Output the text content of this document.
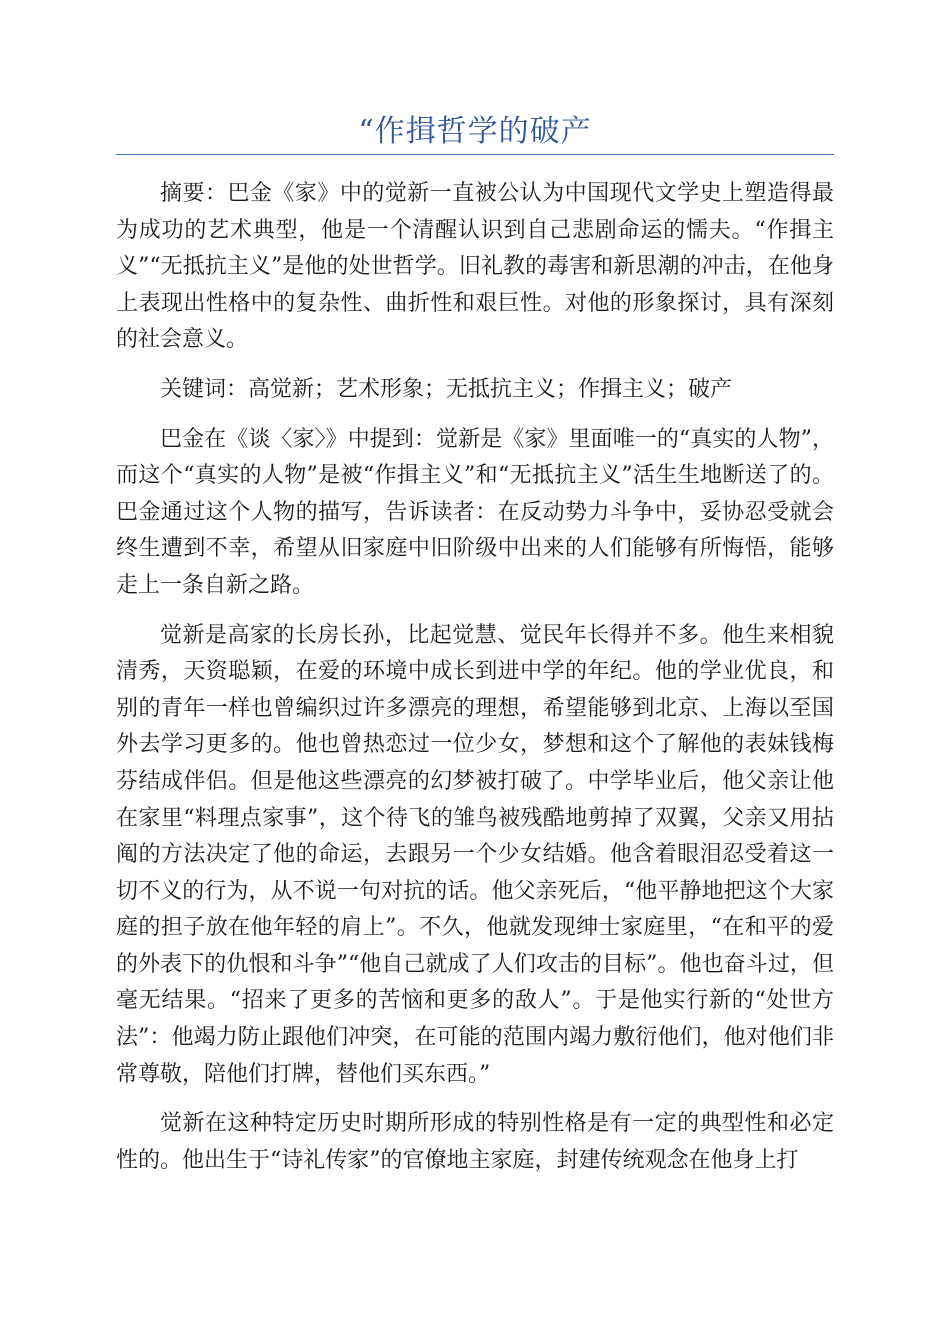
“作揖哲学的破产

摘要：巴金《家》中的觉新一直被公认为中国现代文学史上塑造得最为成功的艺术典型，他是一个清醒认识到自己悲剧命运的懦夫。“作揖主义”“无抵抗主义”是他的处世哲学。旧礼教的毒害和新思潮的冲击，在他身上表现出性格中的复杂性、曲折性和艰巨性。对他的形象探讨，具有深刻的社会意义。

关键词：高觉新；艺术形象；无抵抗主义；作揖主义；破产

巴金在《谈〈家〉》中提到：觉新是《家》里面唯一的“真实的人物”，而这个“真实的人物”是被“作揖主义”和“无抵抗主义”活生生地断送了的。巴金通过这个人物的描写，告诉读者：在反动势力斗争中，妥协忍受就会终生遭到不幸，希望从旧家庭中旧阶级中出来的人们能够有所悔悟，能够走上一条自新之路。

觉新是高家的长房长孙，比起觉慧、觉民年长得并不多。他生来相貌清秀，天资聪颖，在爱的环境中成长到进中学的年纪。他的学业优良，和别的青年一样也曾编织过许多漂亮的理想，希望能够到北京、上海以至国外去学习更多的。他也曾热恋过一位少女，梦想和这个了解他的表妹钱梅芬结成伴侣。但是他这些漂亮的幻梦被打破了。中学毕业后，他父亲让他在家里“料理点家事”，这个待飞的雏鸟被残酷地剪掉了双翼，父亲又用拈阄的方法决定了他的命运，去跟另一个少女结婚。他含着眼泪忍受着这一切不义的行为，从不说一句对抗的话。他父亲死后，“他平静地把这个大家庭的担子放在他年轻的肩上”。不久，他就发现绅士家庭里，“在和平的爱的外表下的仇恨和斗争”“他自己就成了人们攻击的目标”。他也奋斗过，但毫无结果。“招来了更多的苦恼和更多的敌人”。于是他实行新的“处世方法”：他竭力防止跟他们冲突，在可能的范围内竭力敷衍他们，他对他们非常尊敬，陪他们打牌，替他们买东西。”

觉新在这种特定历史时期所形成的特别性格是有一定的典型性和必定性的。他出生于“诗礼传家”的官僚地主家庭，封建传统观念在他身上打
